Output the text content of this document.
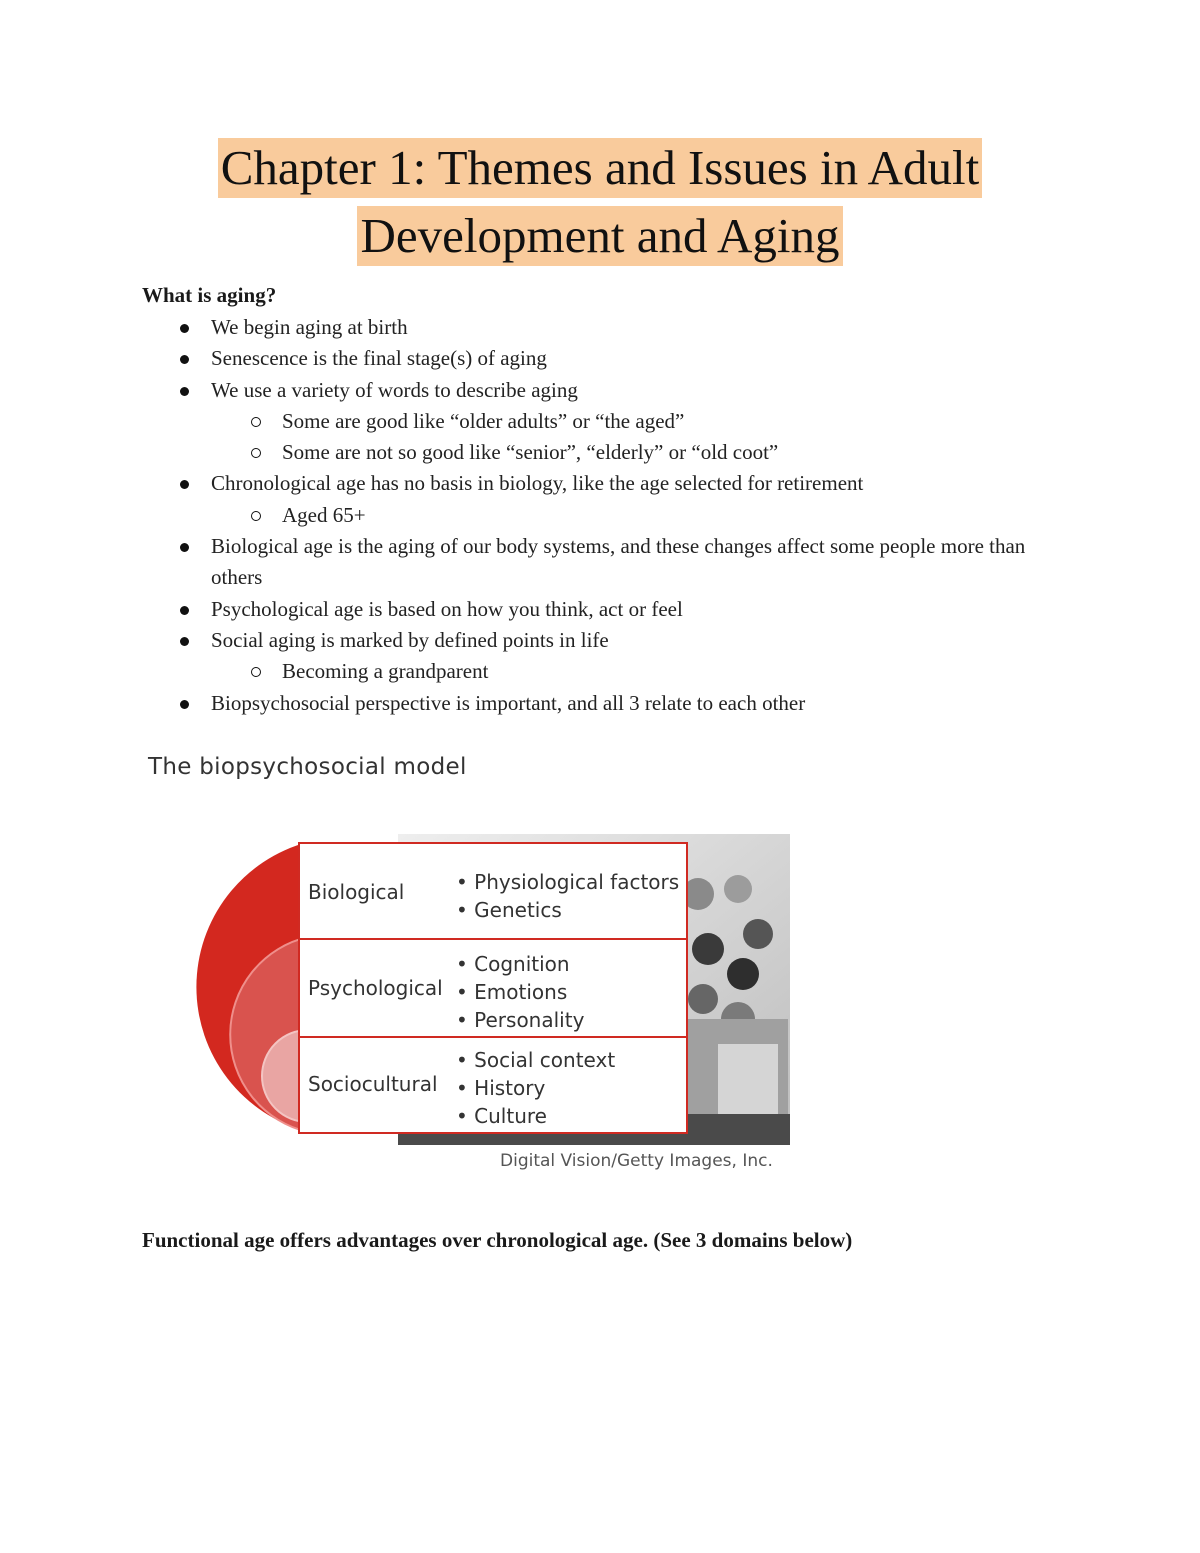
Chapter 1: Themes and Issues in Adult
Development and Aging
What is aging?
We begin aging at birth
Senescence is the final stage(s) of aging
We use a variety of words to describe aging
Some are good like “older adults” or “the aged”
Some are not so good like “senior”, “elderly” or “old coot”
Chronological age has no basis in biology, like the age selected for retirement
Aged 65+
Biological age is the aging of our body systems, and these changes affect some people more than others
Psychological age is based on how you think, act or feel
Social aging is marked by defined points in life
Becoming a grandparent
Biopsychosocial perspective is important, and all 3 relate to each other
The biopsychosocial model
Biological	• Physiological factors
• Genetics
Psychological
• Cognition
• Emotions
• Personality
Sociocultural
• Social context
• History
• Culture
Digital Vision/Getty Images, Inc.
Functional age offers advantages over chronological age. (See 3 domains below)
